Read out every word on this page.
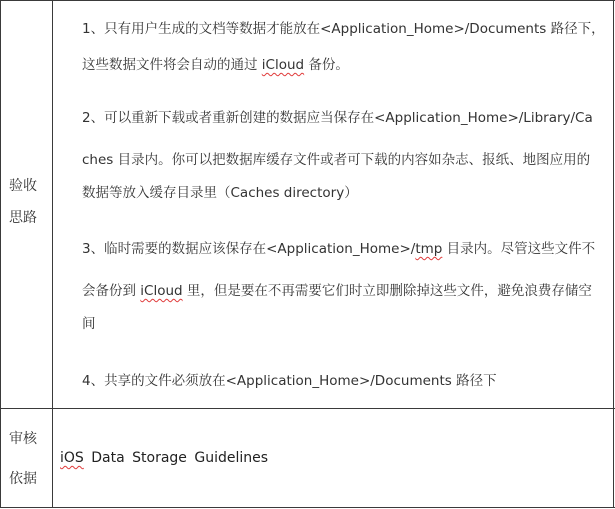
验收
思路
1、只有用户生成的文档等数据才能放在<Application_Home>/Documents 路径下，
这些数据文件将会自动的通过 iCloud 备份。
2、可以重新下载或者重新创建的数据应当保存在<Application_Home>/Library/Ca
ches 目录内。你可以把数据库缓存文件或者可下载的内容如杂志、报纸、地图应用的
数据等放入缓存目录里（Caches directory）
3、临时需要的数据应该保存在<Application_Home>/tmp 目录内。尽管这些文件不
会备份到 iCloud 里，但是要在不再需要它们时立即删除掉这些文件，避免浪费存储空
间
4、共享的文件必须放在<Application_Home>/Documents 路径下
审核
依据
iOS Data Storage Guidelines
